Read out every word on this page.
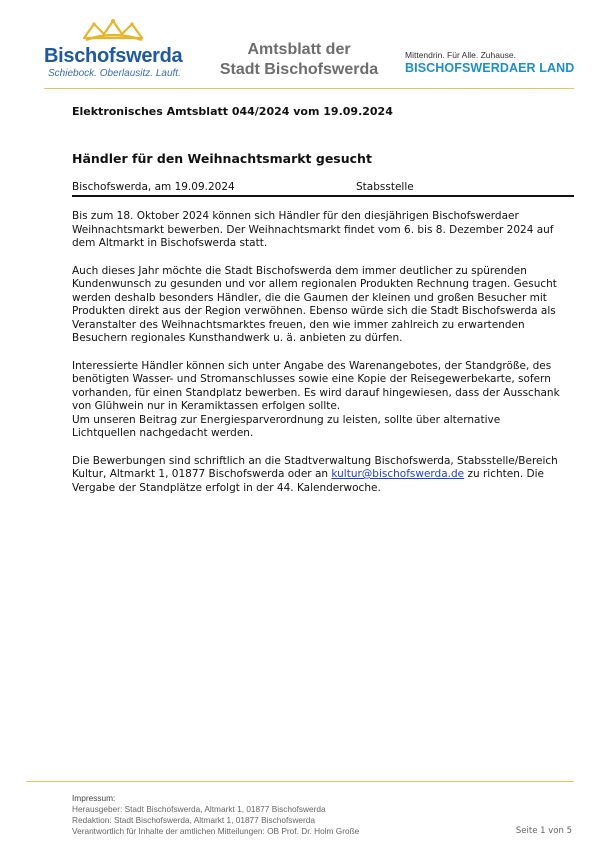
Bischofswerda
Schiebock. Oberlausitz. Lauft.
Amtsblatt der
Stadt Bischofswerda
Mittendrin. Für Alle. Zuhause.
BISCHOFSWERDAER LAND
Elektronisches Amtsblatt 044/2024 vom 19.09.2024
Händler für den Weihnachtsmarkt gesucht
Bischofswerda, am 19.09.2024	Stabsstelle

Bis zum 18. Oktober 2024 können sich Händler für den diesjährigen Bischofswerdaer Weihnachtsmarkt bewerben. Der Weihnachtsmarkt findet vom 6. bis 8. Dezember 2024 auf dem Altmarkt in Bischofswerda statt.

Auch dieses Jahr möchte die Stadt Bischofswerda dem immer deutlicher zu spürenden Kundenwunsch zu gesunden und vor allem regionalen Produkten Rechnung tragen. Gesucht werden deshalb besonders Händler, die die Gaumen der kleinen und großen Besucher mit Produkten direkt aus der Region verwöhnen. Ebenso würde sich die Stadt Bischofswerda als Veranstalter des Weihnachtsmarktes freuen, den wie immer zahlreich zu erwartenden Besuchern regionales Kunsthandwerk u. ä. anbieten zu dürfen.

Interessierte Händler können sich unter Angabe des Warenangebotes, der Standgröße, des benötigten Wasser- und Stromanschlusses sowie eine Kopie der Reisegewerbekarte, sofern vorhanden, für einen Standplatz bewerben. Es wird darauf hingewiesen, dass der Ausschank von Glühwein nur in Keramiktassen erfolgen sollte.
Um unseren Beitrag zur Energiesparverordnung zu leisten, sollte über alternative Lichtquellen nachgedacht werden.

Die Bewerbungen sind schriftlich an die Stadtverwaltung Bischofswerda, Stabsstelle/Bereich Kultur, Altmarkt 1, 01877 Bischofswerda oder an kultur@bischofswerda.de zu richten. Die Vergabe der Standplätze erfolgt in der 44. Kalenderwoche.

Impressum:
Herausgeber: Stadt Bischofswerda, Altmarkt 1, 01877 Bischofswerda
Redaktion: Stadt Bischofswerda, Altmarkt 1, 01877 Bischofswerda
Verantwortlich für Inhalte der amtlichen Mitteilungen: OB Prof. Dr. Holm Große	Seite 1 von 5
